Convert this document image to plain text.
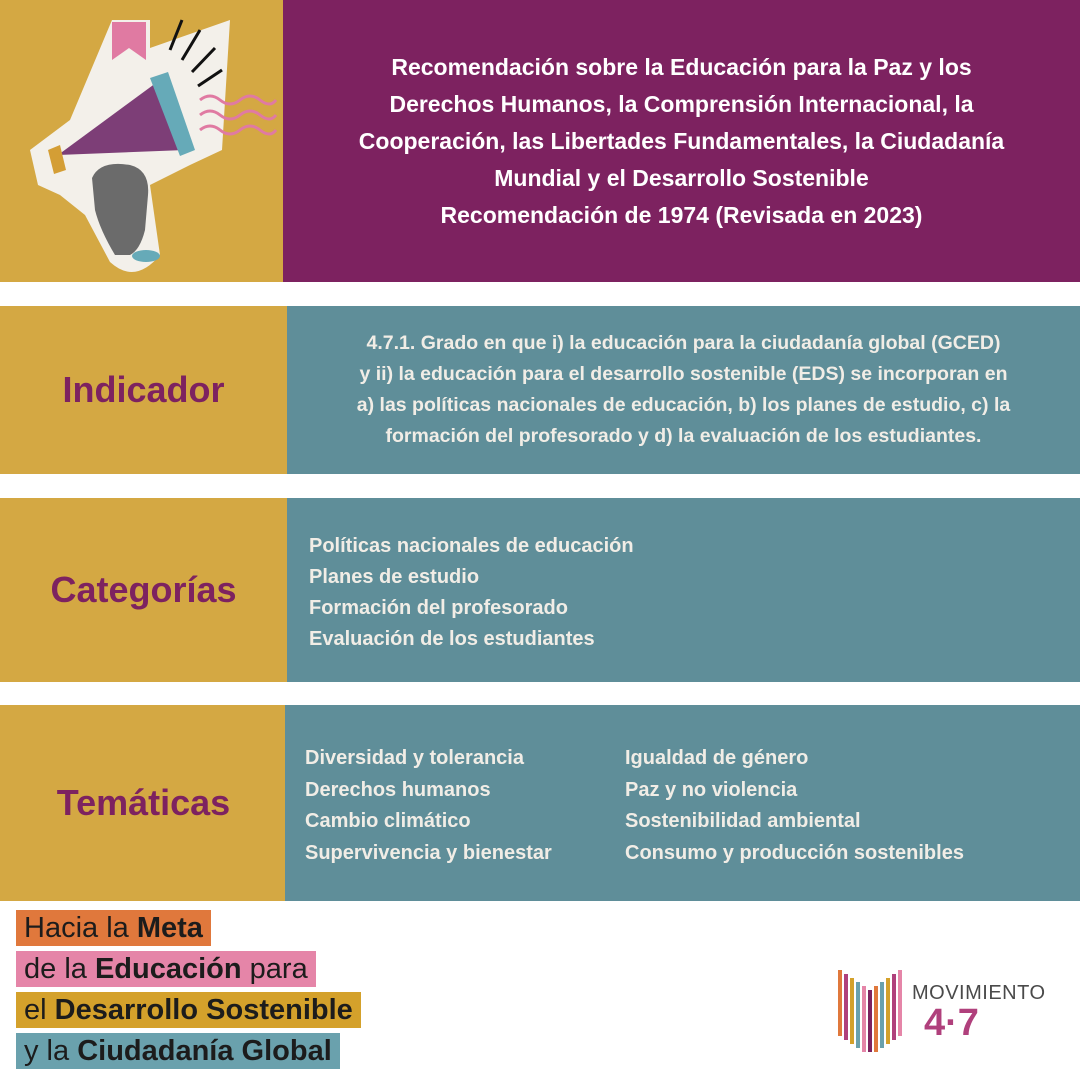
Recomendación sobre la Educación para la Paz y los
Derechos Humanos, la Comprensión Internacional, la
Cooperación, las Libertades Fundamentales, la Ciudadanía
Mundial y el Desarrollo Sostenible
Recomendación de 1974 (Revisada en 2023)
Indicador
4.7.1. Grado en que i) la educación para la ciudadanía global (GCED)
y ii) la educación para el desarrollo sostenible (EDS) se incorporan en
a) las políticas nacionales de educación, b) los planes de estudio, c) la
formación del profesorado y d) la evaluación de los estudiantes.
Categorías
Políticas nacionales de educación
Planes de estudio
Formación del profesorado
Evaluación de los estudiantes
Temáticas
Diversidad y tolerancia
Derechos humanos
Cambio climático
Supervivencia y bienestar
Igualdad de género
Paz y no violencia
Sostenibilidad ambiental
Consumo y producción sostenibles
Hacia la Meta
de la Educación para
el Desarrollo Sostenible
y la Ciudadanía Global
MOVIMIENTO
4·7
